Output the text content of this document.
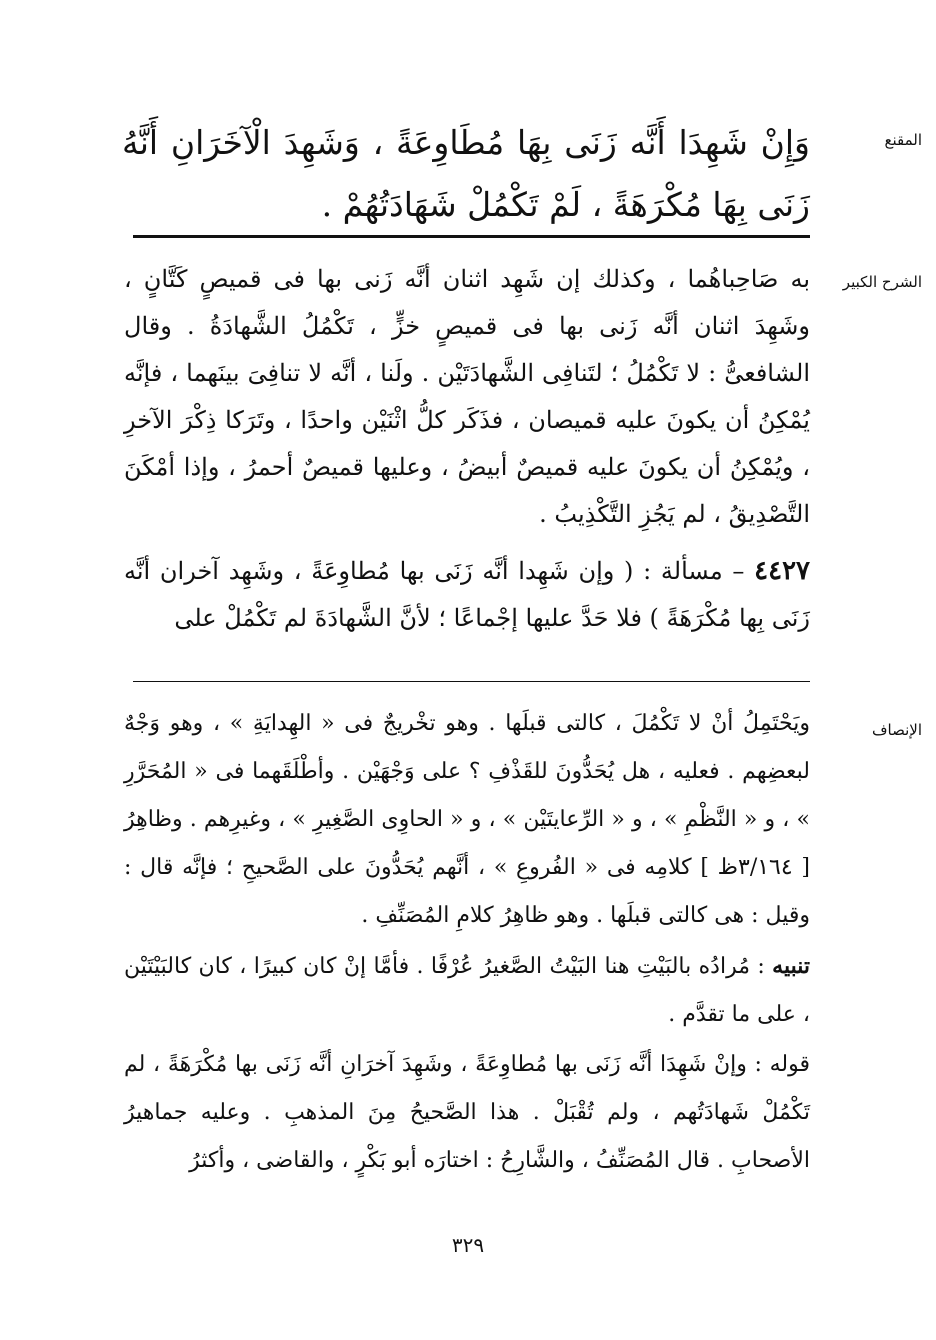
المقنع

وَإِنْ شَهِدَا أَنَّه زَنَى بِهَا مُطَاوِعَةً ، وَشَهِدَ الْآخَرَانِ أَنَّهُ زَنَى بِهَا مُكْرَهَةً ، لَمْ تَكْمُلْ شَهَادَتُهُمْ .

الشرح الكبير

به صَاحِباهُما ، وكذلك إن شَهِد اثنان أنَّه زَنى بها فى قميصٍ كَتَّانٍ ، وشَهِدَ اثنان أنَّه زَنى بها فى قميصٍ خزٍّ ، تَكْمُلُ الشَّهادَةُ . وقال الشافعىُّ : لا تَكْمُلُ ؛ لتَنافِى الشَّهادَتَيْن . ولَنا ، أنَّه لا تنافِىَ بينَهما ، فإنَّه يُمْكِنُ أن يكونَ عليه قميصان ، فذَكَر كلُّ اثْنَيْن واحدًا ، وتَرَكا ذِكْرَ الآخرِ ، ويُمْكِنُ أن يكونَ عليه قميصٌ أبيضُ ، وعليها قميصٌ أحمرُ ، وإذا أمْكَنَ التَّصْدِيقُ ، لم يَجُزِ التَّكْذِيبُ .

٤٤٢٧ – مسألة : ( وإن شَهِدا أنَّه زَنَى بها مُطاوِعَةً ، وشَهِد آخران أنَّه زَنَى بِها مُكْرَهَةً ) فلا حَدَّ عليها إجْماعًا ؛ لأنَّ الشَّهادَةَ لم تَكْمُلْ على

الإنصاف

ويَحْتَمِلُ أنْ لا تَكْمُلَ ، كالتى قبلَها . وهو تخْريجٌ فى « الهِدايَةِ » ، وهو وَجْهٌ لبعضِهم . فعليه ، هل يُحَدُّونَ للقَذْفِ ؟ على وَجْهَيْن . وأطْلَقَهما فى « المُحَرَّرِ » ، و « النَّظْمِ » ، و « الرِّعايتَيْن » ، و « الحاوِى الصَّغِيرِ » ، وغيرِهم . وظاهِرُ [ ٣/١٦٤ظ ] كلامِه فى « الفُروعِ » ، أنَّهم يُحَدُّونَ على الصَّحيحِ ؛ فإنَّه قال : وقيل : هى كالتى قبلَها . وهو ظاهِرُ كلامِ المُصَنِّفِ .

تنبيه : مُرادُه بالبَيْتِ هنا البَيْتُ الصَّغيرُ عُرْفًا . فأمَّا إنْ كان كبيرًا ، كان كالبَيْتَيْن ، على ما تقدَّم .

قوله : وإنْ شَهِدَا أنَّه زَنَى بها مُطاوِعَةً ، وشَهِدَ آخرَانِ أنَّه زَنَى بها مُكْرَهَةً ، لم تَكْمُلْ شَهادَتُهم ، ولم تُقْبَلْ . هذا الصَّحيحُ مِنَ المذهبِ . وعليه جماهيرُ الأصحابِ . قال المُصَنِّفُ ، والشَّارِحُ : اختارَه أبو بَكْرٍ ، والقاضى ، وأكثرُ

٣٢٩
